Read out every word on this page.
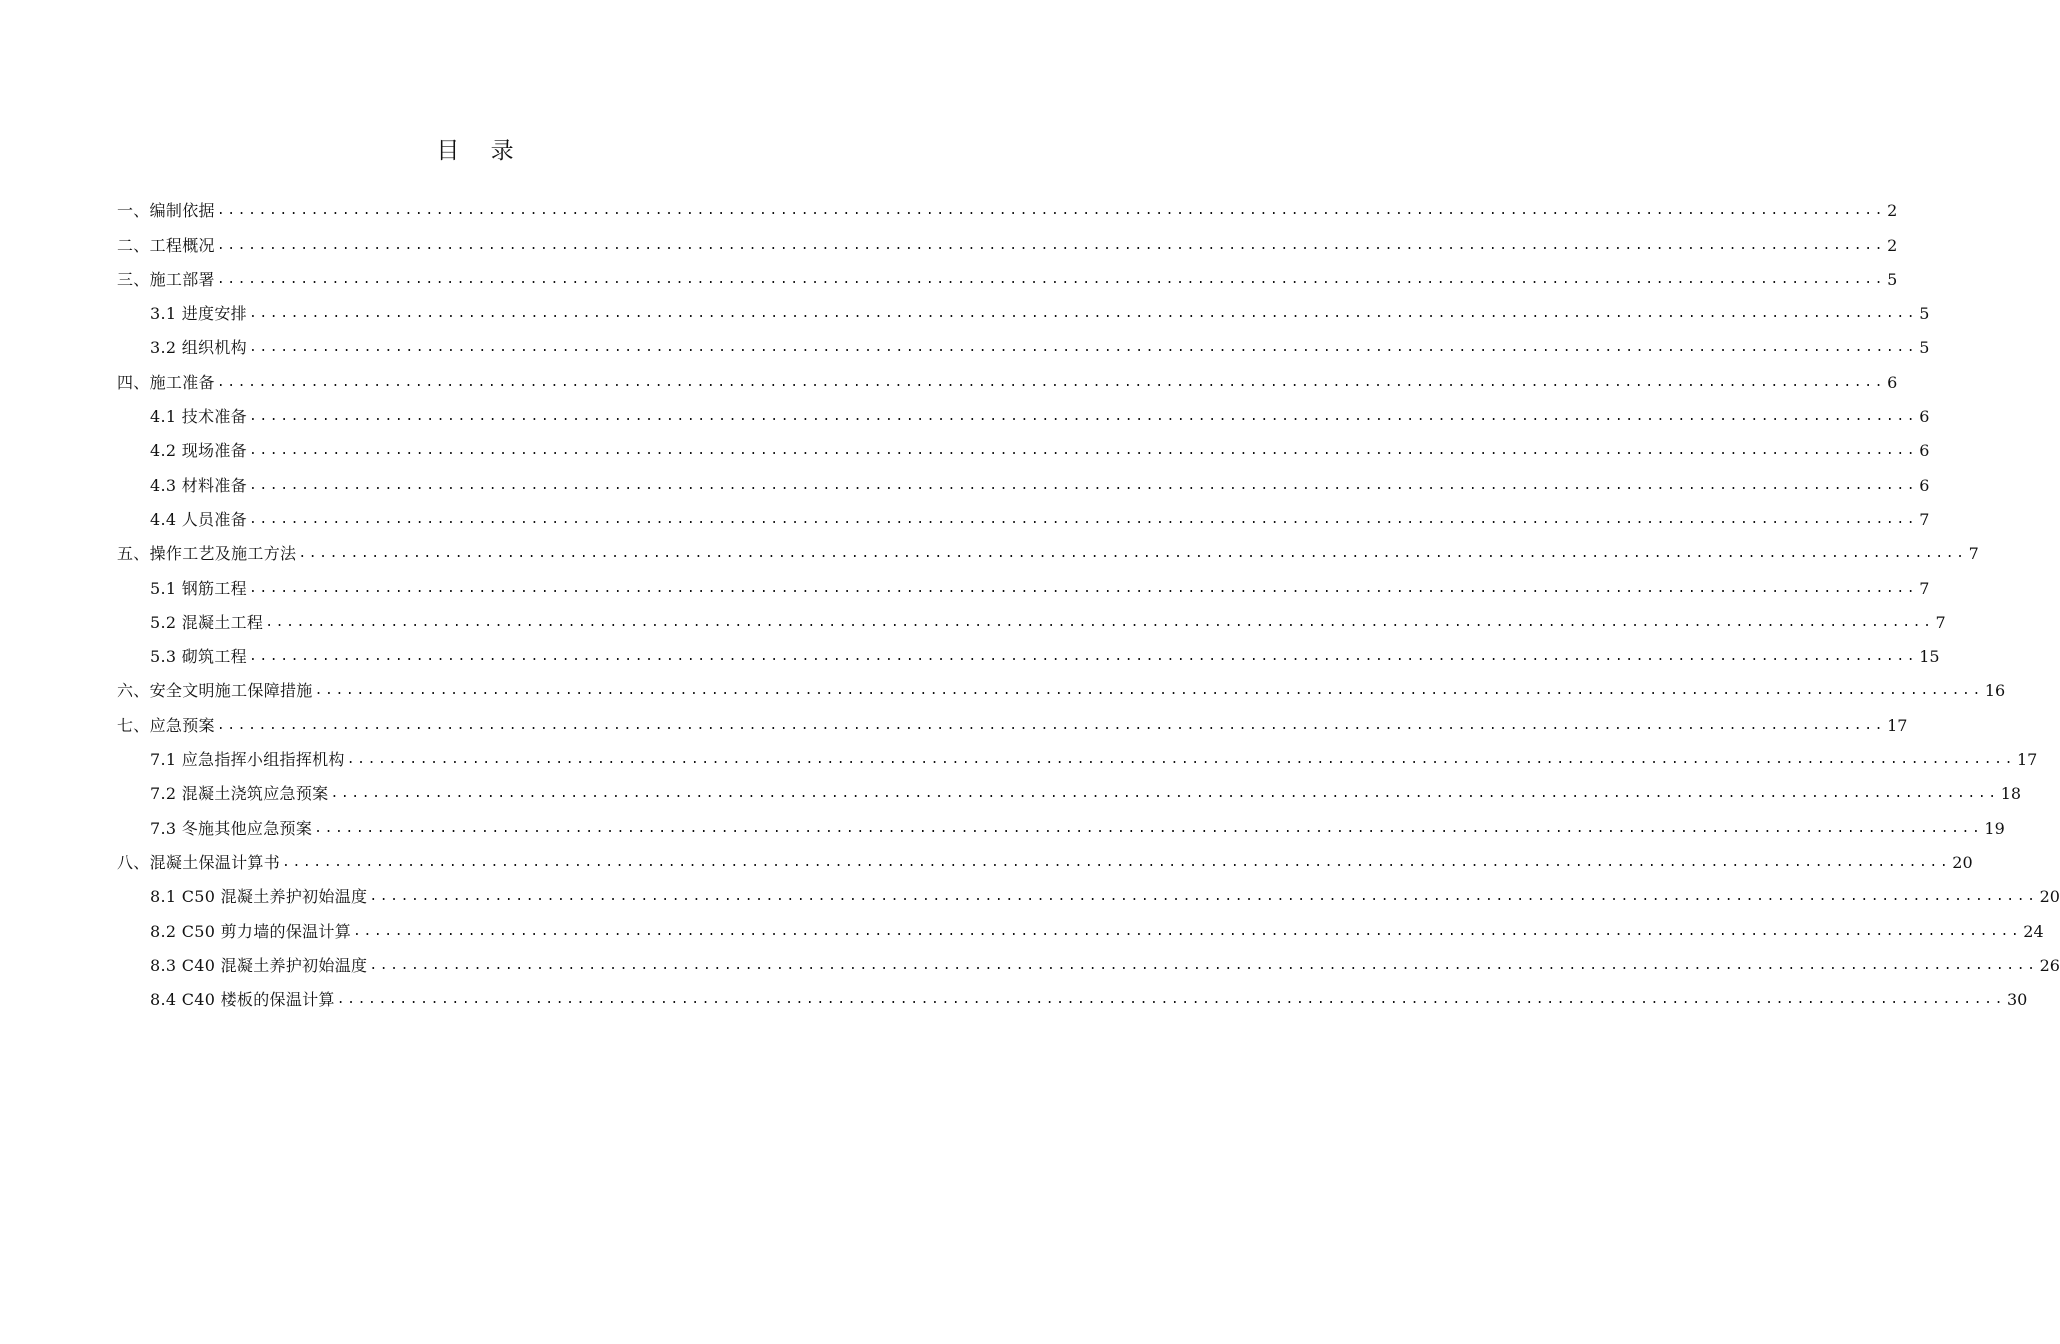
目 录
一、编制依据 ................................................................................................................................................................ 2
二、工程概况 ................................................................................................................................................................ 2
三、施工部署 ................................................................................................................................................................ 5
3.1 进度安排 ................................................................................................................................................................ 5
3.2 组织机构 ................................................................................................................................................................ 5
四、施工准备 ................................................................................................................................................................ 6
4.1 技术准备 ................................................................................................................................................................ 6
4.2 现场准备 ................................................................................................................................................................ 6
4.3 材料准备 ................................................................................................................................................................ 6
4.4 人员准备 ................................................................................................................................................................ 7
五、操作工艺及施工方法 ................................................................................................................................................................ 7
5.1 钢筋工程 ................................................................................................................................................................ 7
5.2 混凝土工程 ................................................................................................................................................................ 7
5.3 砌筑工程 ................................................................................................................................................................ 15
六、安全文明施工保障措施 ................................................................................................................................................................ 16
七、应急预案 ................................................................................................................................................................ 17
7.1 应急指挥小组指挥机构 ................................................................................................................................................................ 17
7.2 混凝土浇筑应急预案 ................................................................................................................................................................ 18
7.3 冬施其他应急预案 ................................................................................................................................................................ 19
八、混凝土保温计算书 ................................................................................................................................................................ 20
8.1 C50 混凝土养护初始温度 ................................................................................................................................................................ 20
8.2 C50 剪力墙的保温计算 ................................................................................................................................................................ 24
8.3 C40 混凝土养护初始温度 ................................................................................................................................................................ 26
8.4 C40 楼板的保温计算 ................................................................................................................................................................ 30
